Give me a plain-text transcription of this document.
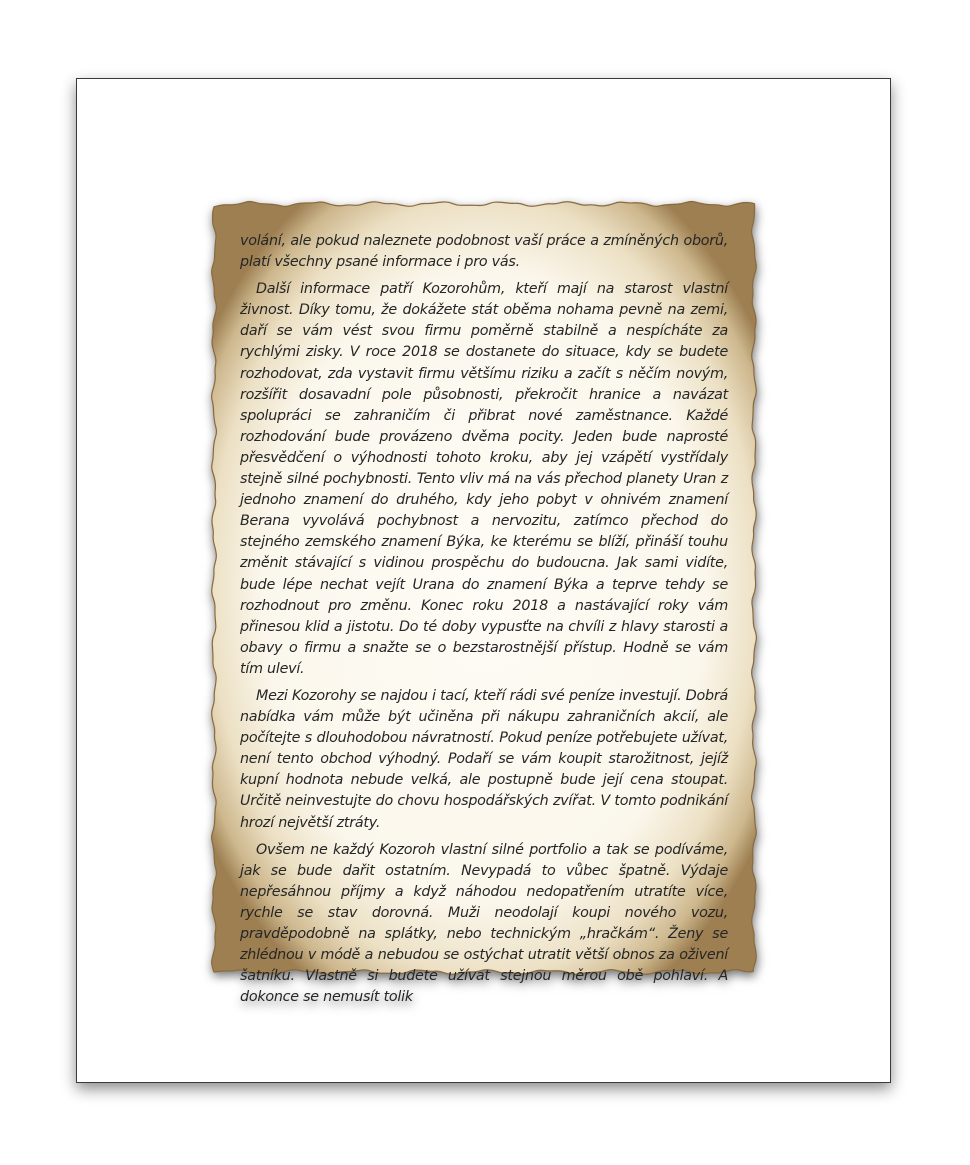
volání, ale pokud naleznete podobnost vaší práce a zmíněných oborů, platí všechny psané informace i pro vás.

Další informace patří Kozorohům, kteří mají na starost vlastní živnost. Díky tomu, že dokážete stát oběma nohama pevně na zemi, daří se vám vést svou firmu poměrně stabilně a nespícháte za rychlými zisky. V roce 2018 se dostanete do situace, kdy se budete rozhodovat, zda vystavit firmu většímu riziku a začít s něčím novým, rozšířit dosavadní pole působnosti, překročit hranice a navázat spolupráci se zahraničím či přibrat nové zaměstnance. Každé rozhodování bude provázeno dvěma pocity. Jeden bude naprosté přesvědčení o výhodnosti tohoto kroku, aby jej vzápětí vystřídaly stejně silné pochybnosti. Tento vliv má na vás přechod planety Uran z jednoho znamení do druhého, kdy jeho pobyt v ohnivém znamení Berana vyvolává pochybnost a nervozitu, zatímco přechod do stejného zemského znamení Býka, ke kterému se blíží, přináší touhu změnit stávající s vidinou prospěchu do budoucna. Jak sami vidíte, bude lépe nechat vejít Urana do znamení Býka a teprve tehdy se rozhodnout pro změnu. Konec roku 2018 a nastávající roky vám přinesou klid a jistotu. Do té doby vypusťte na chvíli z hlavy starosti a obavy o firmu a snažte se o bezstarostnější přístup. Hodně se vám tím uleví.

Mezi Kozorohy se najdou i tací, kteří rádi své peníze investují. Dobrá nabídka vám může být učiněna při nákupu zahraničních akcií, ale počítejte s dlouhodobou návratností. Pokud peníze potřebujete užívat, není tento obchod výhodný. Podaří se vám koupit starožitnost, jejíž kupní hodnota nebude velká, ale postupně bude její cena stoupat. Určitě neinvestujte do chovu hospodářských zvířat. V tomto podnikání hrozí největší ztráty.

Ovšem ne každý Kozoroh vlastní silné portfolio a tak se podíváme, jak se bude dařit ostatním. Nevypadá to vůbec špatně. Výdaje nepřesáhnou příjmy a když náhodou nedopatřením utratíte více, rychle se stav dorovná. Muži neodolají koupi nového vozu, pravděpodobně na splátky, nebo technickým „hračkám“. Ženy se zhlédnou v módě a nebudou se ostýchat utratit větší obnos za oživení šatníku. Vlastně si budete užívat stejnou měrou obě pohlaví. A dokonce se nemusít tolik
